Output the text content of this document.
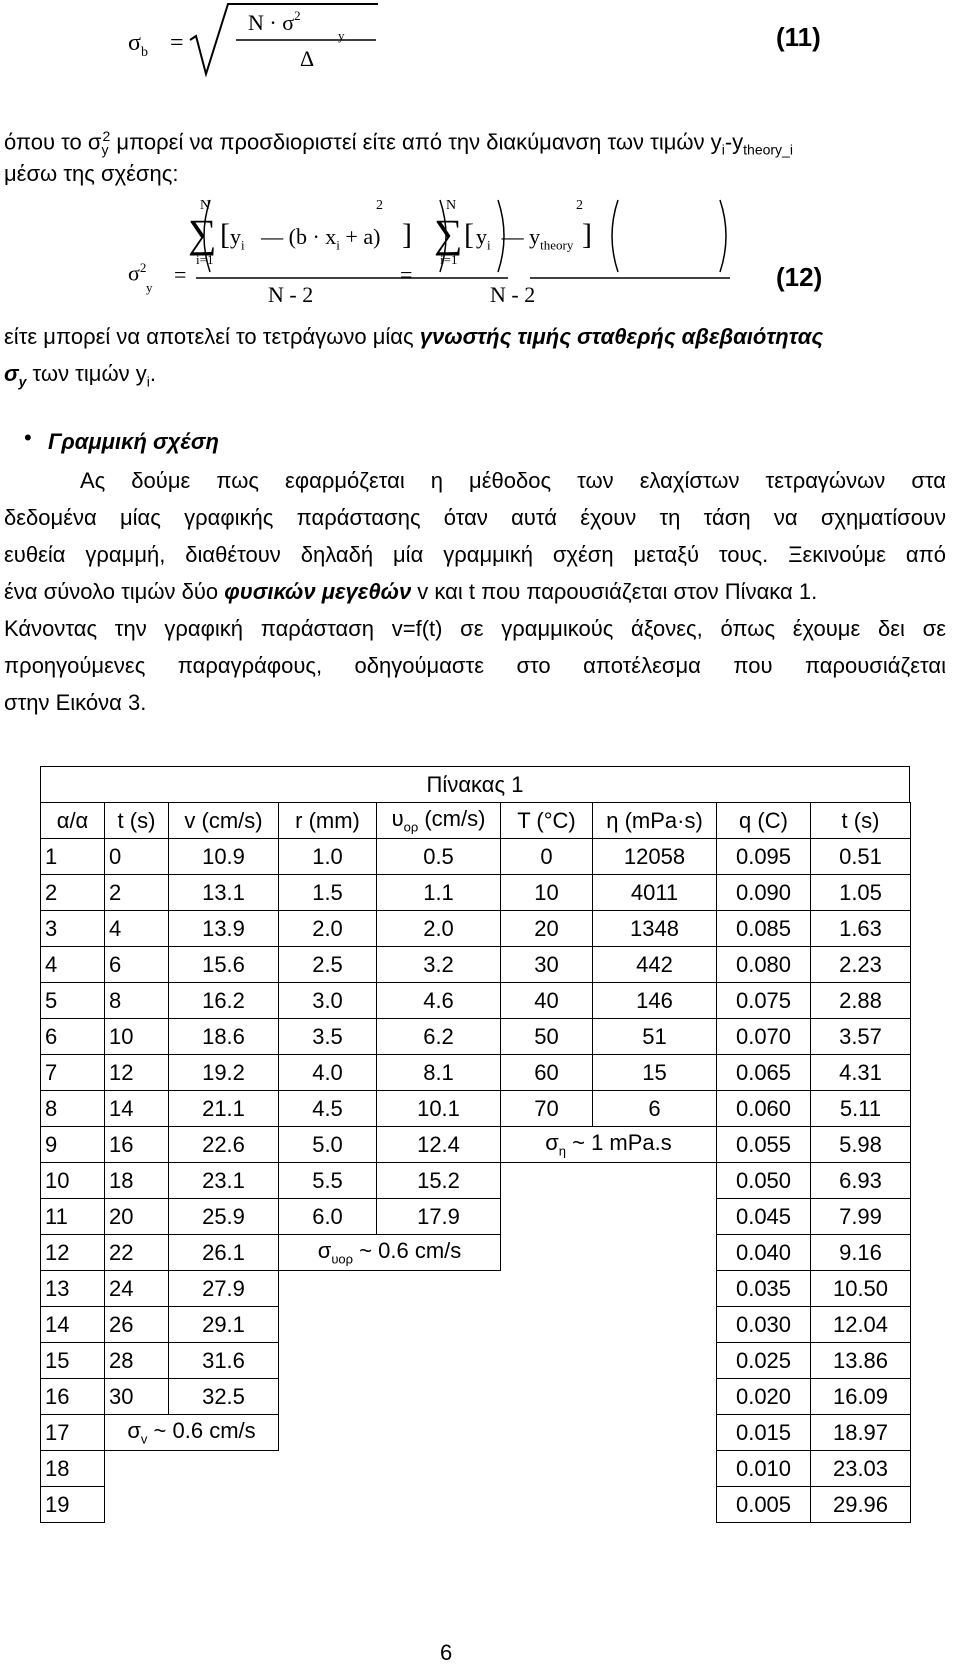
$\sigma_b$ =
$N \cdot \sigma^2$
y
Δ
(11)
όπου το $\sigma_y^2$ μπορεί να προσδιοριστεί είτε από την διακύμανση των τιμών $y_i-y_{theory\_i}$
μέσω της σχέσης:
$\sigma^2$
y
=
N
∑
i=1
[ $y_i$   — $(b \cdot x_i + a)$ ]
2
N - 2
=
N
∑
i=1
[ $y_i$  — $y_{theory}$ ]
2
N - 2
(12)
είτε μπορεί να αποτελεί το τετράγωνο μίας γνωστής τιμής σταθερής αβεβαιότητας
$\sigma_y$ των τιμών $y_i$.
• Γραμμική σχέση
Ας δούμε πως εφαρμόζεται η μέθοδος των ελαχίστων τετραγώνων στα
δεδομένα μίας γραφικής παράστασης όταν αυτά έχουν τη τάση να σχηματίσουν
ευθεία γραμμή, διαθέτουν δηλαδή μία γραμμική σχέση μεταξύ τους. Ξεκινούμε από
ένα σύνολο τιμών δύο φυσικών μεγεθών v και t που παρουσιάζεται στον Πίνακα 1.
Κάνοντας την γραφική παράσταση v=f(t) σε γραμμικούς άξονες, όπως έχουμε δει σε
προηγούμενες παραγράφους, οδηγούμαστε στο αποτέλεσμα που παρουσιάζεται
στην Εικόνα 3.
Πίνακας 1
α/α	t (s)	v (cm/s)	r (mm)	$\upsilon_{o\rho}$ (cm/s)	T (°C)	η (mPa·s)	q (C)	t (s)
1	0	10.9	1.0	0.5	0	12058	0.095	0.51
2	2	13.1	1.5	1.1	10	4011	0.090	1.05
3	4	13.9	2.0	2.0	20	1348	0.085	1.63
4	6	15.6	2.5	3.2	30	442	0.080	2.23
5	8	16.2	3.0	4.6	40	146	0.075	2.88
6	10	18.6	3.5	6.2	50	51	0.070	3.57
7	12	19.2	4.0	8.1	60	15	0.065	4.31
8	14	21.1	4.5	10.1	70	6	0.060	5.11
9	16	22.6	5.0	12.4	$\sigma_\eta$ ~ 1 mPa.s		0.055	5.98
10	18	23.1	5.5	15.2			0.050	6.93
11	20	25.9	6.0	17.9			0.045	7.99
12	22	26.1	$\sigma_{\upsilon o\rho}$ ~ 0.6 cm/s				0.040	9.16
13	24	27.9					0.035	10.50
14	26	29.1					0.030	12.04
15	28	31.6					0.025	13.86
16	30	32.5					0.020	16.09
17	$\sigma_v$ ~ 0.6 cm/s						0.015	18.97
18							0.010	23.03
19							0.005	29.96
6
